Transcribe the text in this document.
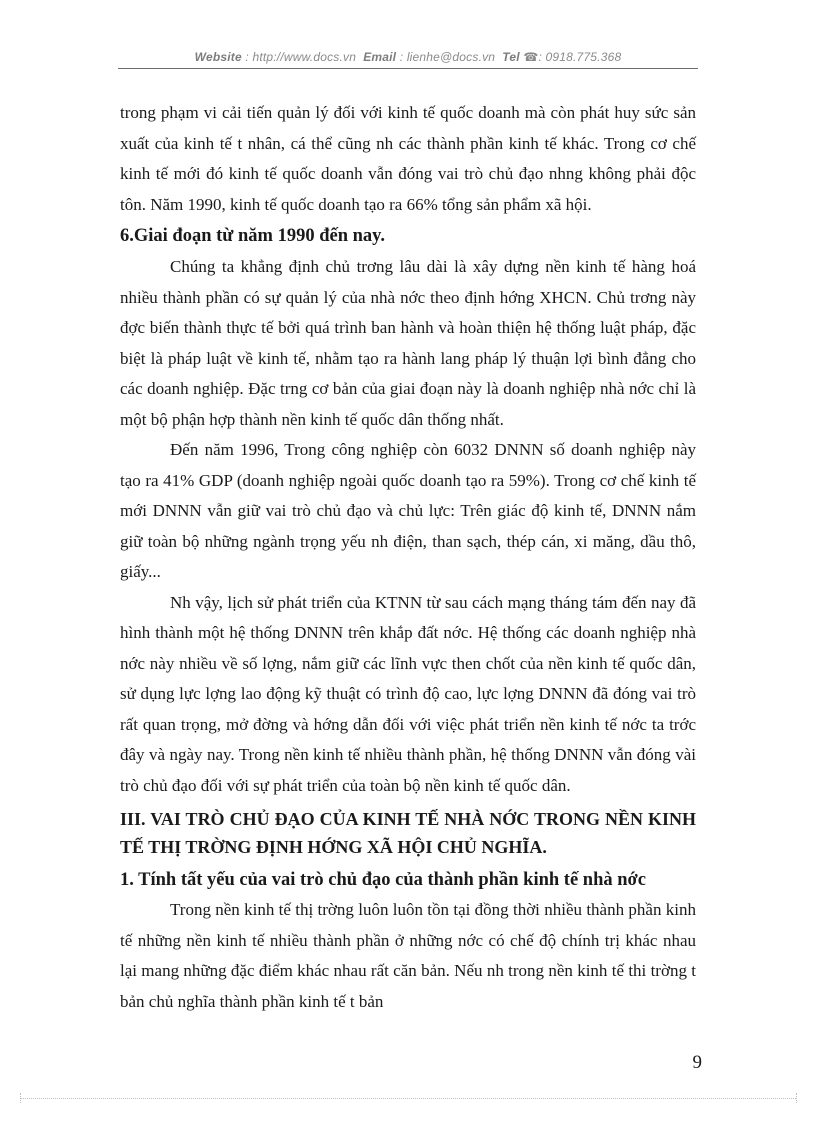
Website : http://www.docs.vn Email : lienhe@docs.vn Tel ☎: 0918.775.368

trong phạm vi cải tiến quản lý đối với kinh tế quốc doanh mà còn phát huy sức sản xuất của kinh tế t nhân, cá thể cũng nh các thành phần kinh tế khác. Trong cơ chế kinh tế mới đó kinh tế quốc doanh vẫn đóng vai trò chủ đạo nhng không phải độc tôn. Năm 1990, kinh tế quốc doanh tạo ra 66% tổng sản phẩm xã hội.

6.Giai đoạn từ năm 1990 đến nay.

Chúng ta khẳng định chủ trơng lâu dài là xây dựng nền kinh tế hàng hoá nhiều thành phần có sự quản lý của nhà nớc theo định hớng XHCN. Chủ trơng này đợc biến thành thực tế bởi quá trình ban hành và hoàn thiện hệ thống luật pháp, đặc biệt là pháp luật về kinh tế, nhằm tạo ra hành lang pháp lý thuận lợi bình đẳng cho các doanh nghiệp. Đặc trng cơ bản của giai đoạn này là doanh nghiệp nhà nớc chỉ là một bộ phận hợp thành nền kinh tế quốc dân thống nhất.

Đến năm 1996, Trong công nghiệp còn 6032 DNNN số doanh nghiệp này tạo ra 41% GDP (doanh nghiệp ngoài quốc doanh tạo ra 59%). Trong cơ chế kinh tế mới DNNN vẫn giữ vai trò chủ đạo và chủ lực: Trên giác độ kinh tế, DNNN nắm giữ toàn bộ những ngành trọng yếu nh điện, than sạch, thép cán, xi măng, dầu thô, giấy...

Nh vậy, lịch sử phát triển của KTNN từ sau cách mạng tháng tám đến nay đã hình thành một hệ thống DNNN trên khắp đất nớc. Hệ thống các doanh nghiệp nhà nớc này nhiều về số lợng, nắm giữ các lĩnh vực then chốt của nền kinh tế quốc dân, sử dụng lực lợng lao động kỹ thuật có trình độ cao, lực lợng DNNN đã đóng vai trò rất quan trọng, mở đờng và hớng dẫn đối với việc phát triển nền kinh tế nớc ta trớc đây và ngày nay. Trong nền kinh tế nhiều thành phần, hệ thống DNNN vẫn đóng vài trò chủ đạo đối với sự phát triển của toàn bộ nền kinh tế quốc dân.

III. VAI TRÒ CHỦ ĐẠO CỦA KINH TẾ NHÀ NỚC TRONG NỀN KINH TẾ THỊ TRỜNG ĐỊNH HỚNG XÃ HỘI CHỦ NGHĨA.
1. Tính tất yếu của vai trò chủ đạo của thành phần kinh tế nhà nớc

Trong nền kinh tế thị trờng luôn luôn tồn tại đồng thời nhiều thành phần kinh tế những nền kinh tế nhiều thành phần ở những nớc có chế độ chính trị khác nhau lại mang những đặc điểm khác nhau rất căn bản. Nếu nh trong nền kinh tế thi trờng t bản chủ nghĩa thành phần kinh tế t bản

9
